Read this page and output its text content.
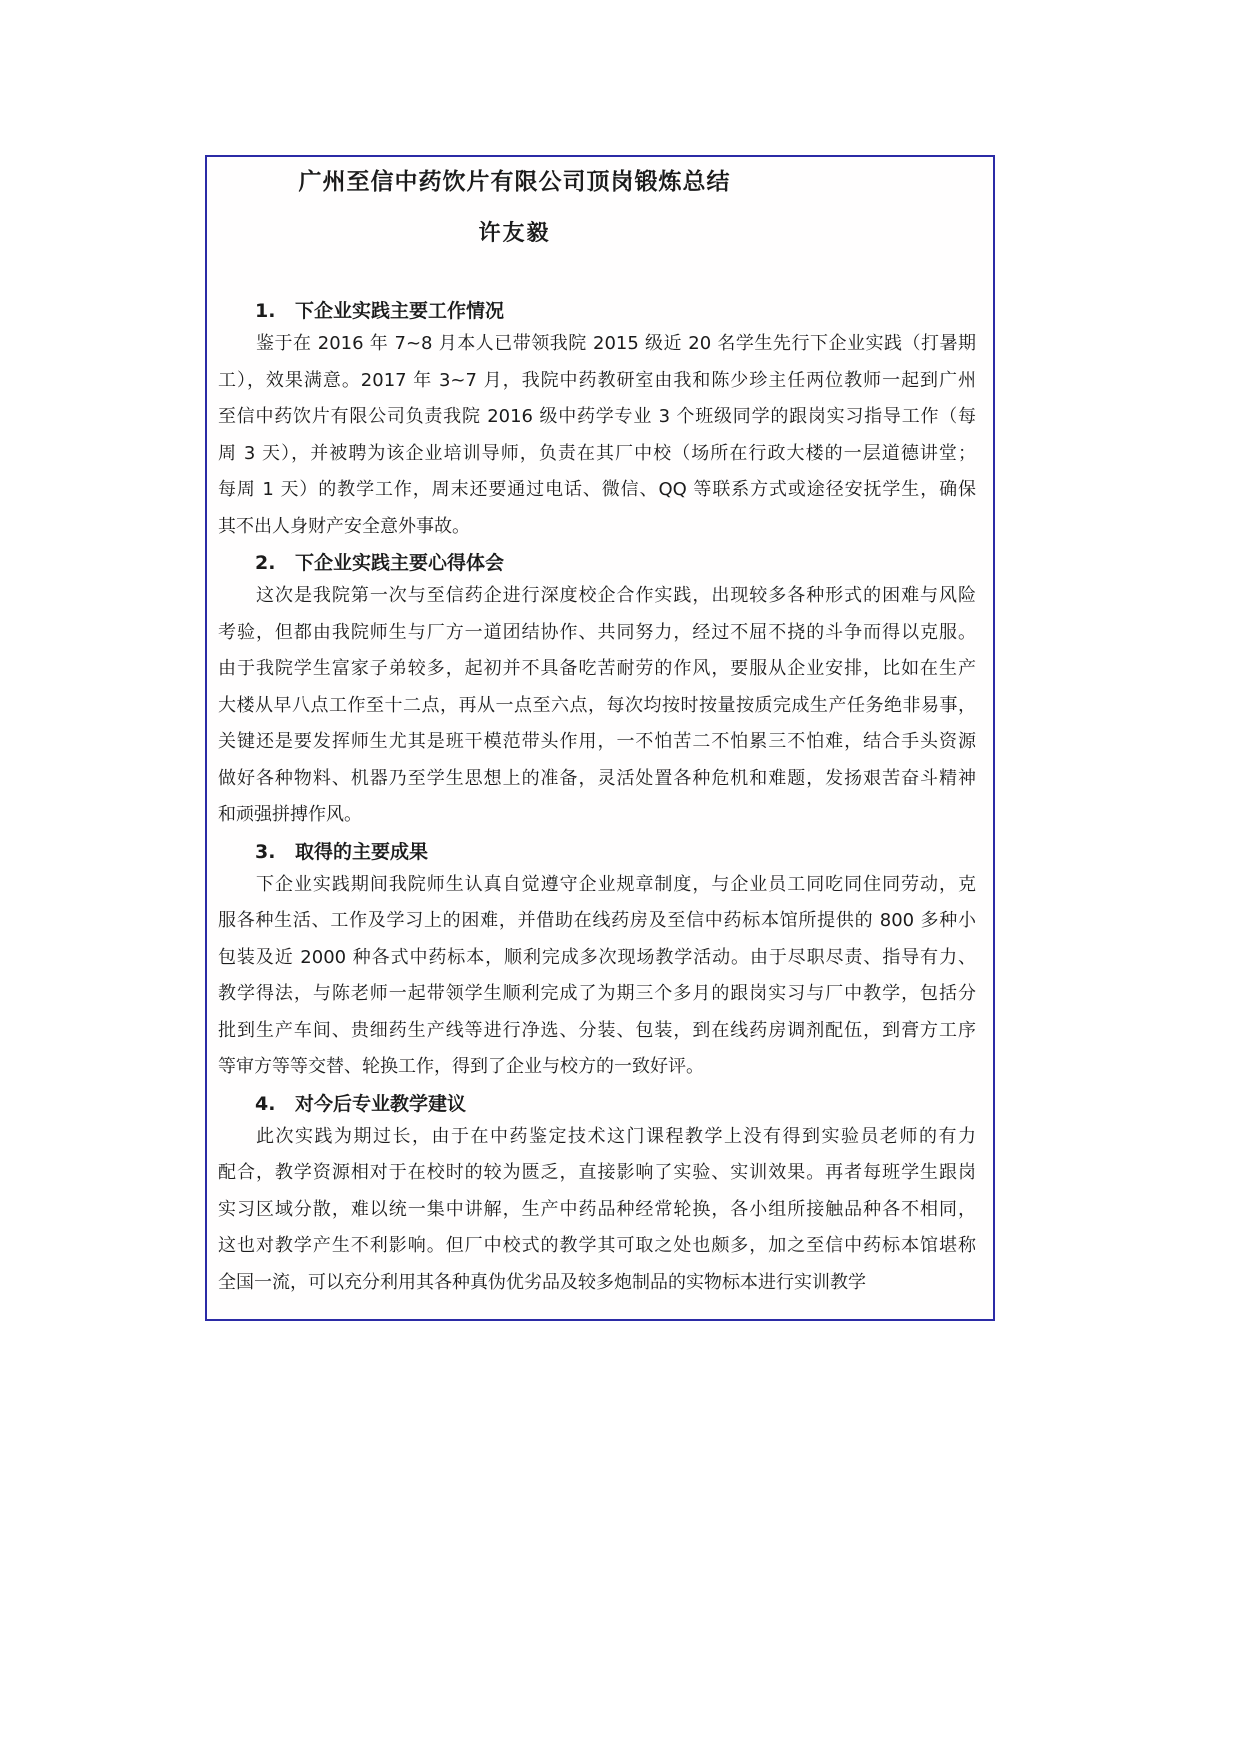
广州至信中药饮片有限公司顶岗锻炼总结
许友毅
1. 下企业实践主要工作情况
鉴于在 2016 年 7~8 月本人已带领我院 2015 级近 20 名学生先行下企业实践（打暑期
工），效果满意。2017 年 3~7 月，我院中药教研室由我和陈少珍主任两位教师一起到广州
至信中药饮片有限公司负责我院 2016 级中药学专业 3 个班级同学的跟岗实习指导工作（每
周 3 天），并被聘为该企业培训导师，负责在其厂中校（场所在行政大楼的一层道德讲堂；
每周 1 天）的教学工作，周末还要通过电话、微信、QQ 等联系方式或途径安抚学生，确保
其不出人身财产安全意外事故。
2. 下企业实践主要心得体会
这次是我院第一次与至信药企进行深度校企合作实践，出现较多各种形式的困难与风险
考验，但都由我院师生与厂方一道团结协作、共同努力，经过不屈不挠的斗争而得以克服。
由于我院学生富家子弟较多，起初并不具备吃苦耐劳的作风，要服从企业安排，比如在生产
大楼从早八点工作至十二点，再从一点至六点，每次均按时按量按质完成生产任务绝非易事，
关键还是要发挥师生尤其是班干模范带头作用，一不怕苦二不怕累三不怕难，结合手头资源
做好各种物料、机器乃至学生思想上的准备，灵活处置各种危机和难题，发扬艰苦奋斗精神
和顽强拼搏作风。
3. 取得的主要成果
下企业实践期间我院师生认真自觉遵守企业规章制度，与企业员工同吃同住同劳动，克
服各种生活、工作及学习上的困难，并借助在线药房及至信中药标本馆所提供的 800 多种小
包装及近 2000 种各式中药标本，顺利完成多次现场教学活动。由于尽职尽责、指导有力、
教学得法，与陈老师一起带领学生顺利完成了为期三个多月的跟岗实习与厂中教学，包括分
批到生产车间、贵细药生产线等进行净选、分装、包装，到在线药房调剂配伍，到膏方工序
等审方等等交替、轮换工作，得到了企业与校方的一致好评。
4. 对今后专业教学建议
此次实践为期过长，由于在中药鉴定技术这门课程教学上没有得到实验员老师的有力
配合，教学资源相对于在校时的较为匮乏，直接影响了实验、实训效果。再者每班学生跟岗
实习区域分散，难以统一集中讲解，生产中药品种经常轮换，各小组所接触品种各不相同，
这也对教学产生不利影响。但厂中校式的教学其可取之处也颇多，加之至信中药标本馆堪称
全国一流，可以充分利用其各种真伪优劣品及较多炮制品的实物标本进行实训教学
